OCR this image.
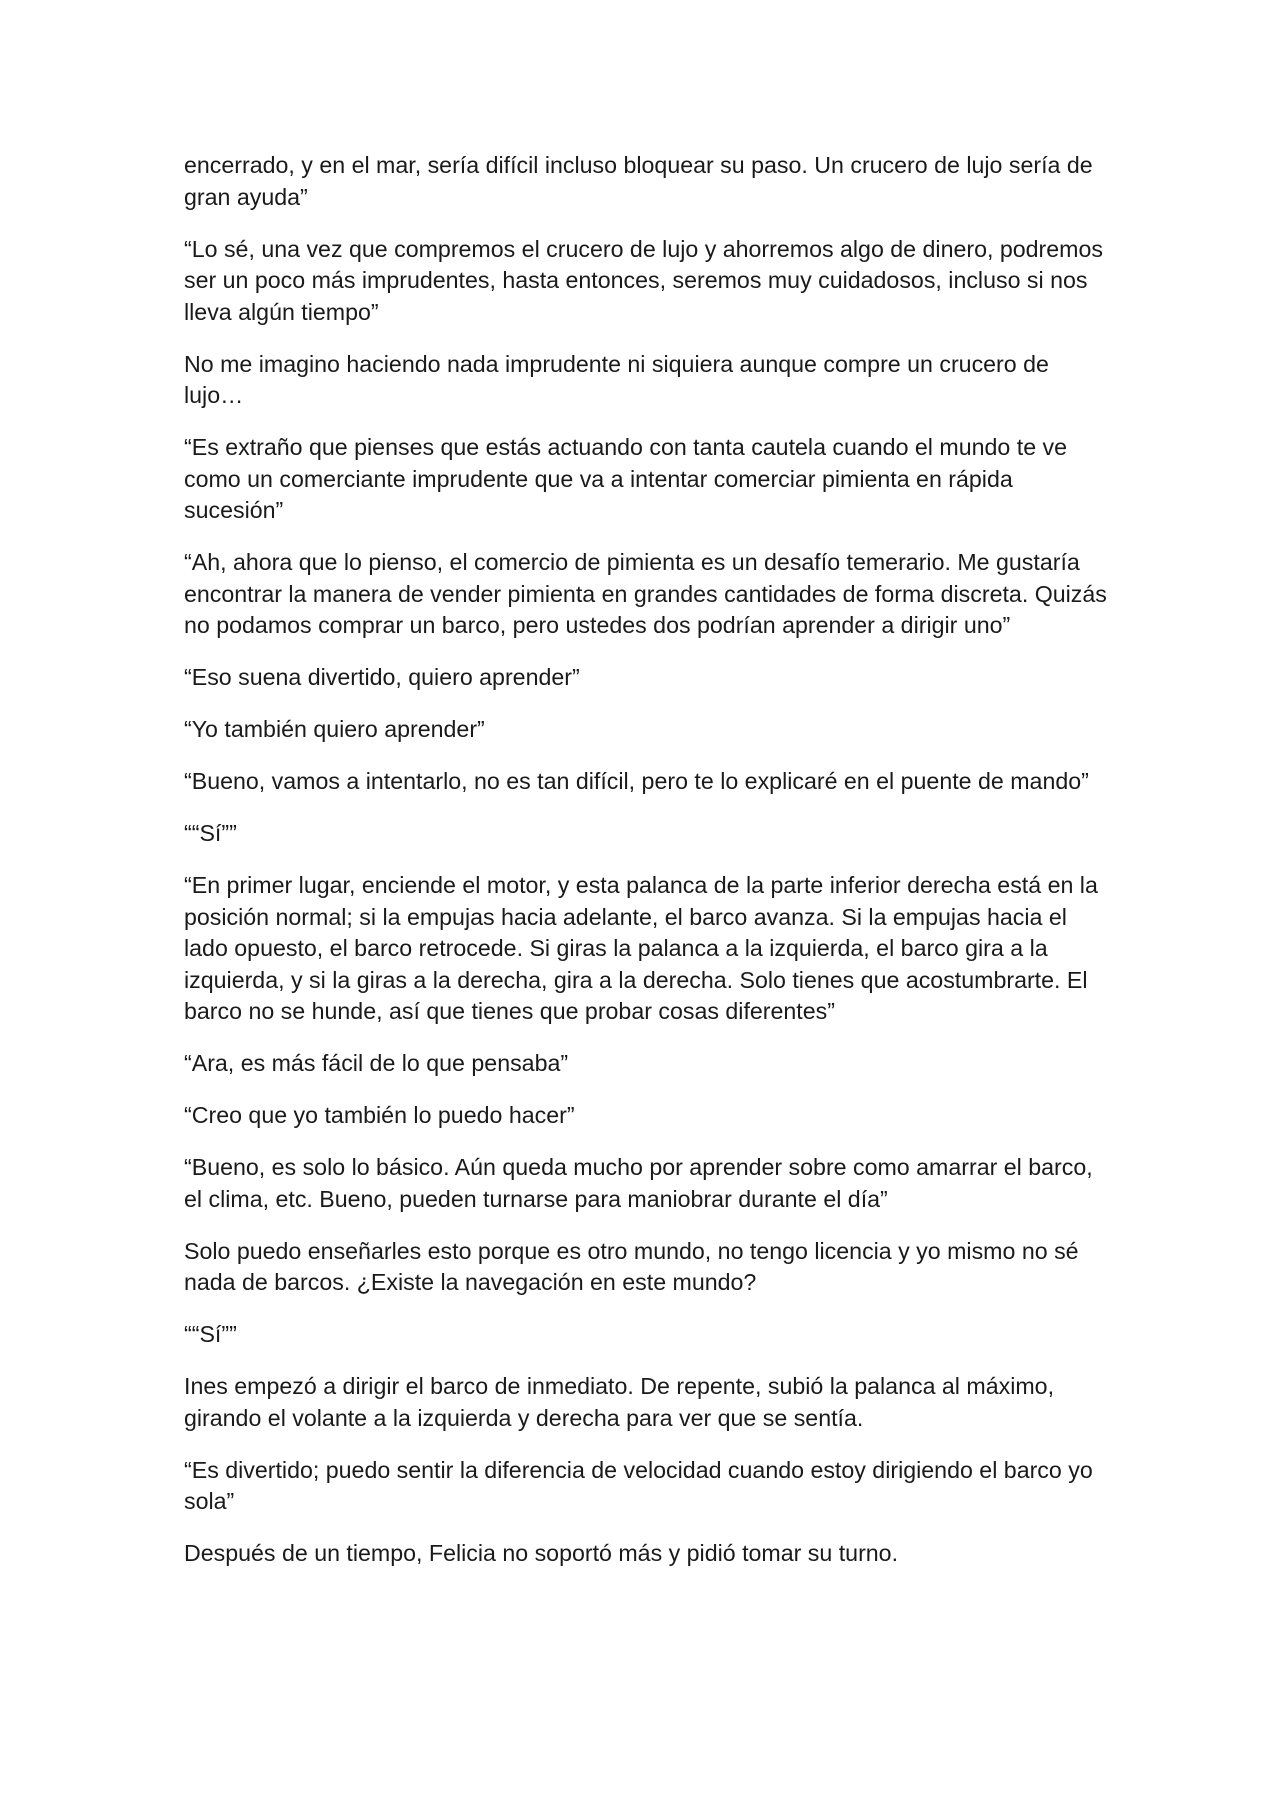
encerrado, y en el mar, sería difícil incluso bloquear su paso. Un crucero de lujo sería de gran ayuda”

“Lo sé, una vez que compremos el crucero de lujo y ahorremos algo de dinero, podremos ser un poco más imprudentes, hasta entonces, seremos muy cuidadosos, incluso si nos lleva algún tiempo”

No me imagino haciendo nada imprudente ni siquiera aunque compre un crucero de lujo…

“Es extraño que pienses que estás actuando con tanta cautela cuando el mundo te ve como un comerciante imprudente que va a intentar comerciar pimienta en rápida sucesión”

“Ah, ahora que lo pienso, el comercio de pimienta es un desafío temerario. Me gustaría encontrar la manera de vender pimienta en grandes cantidades de forma discreta. Quizás no podamos comprar un barco, pero ustedes dos podrían aprender a dirigir uno”

“Eso suena divertido, quiero aprender”

“Yo también quiero aprender”

“Bueno, vamos a intentarlo, no es tan difícil, pero te lo explicaré en el puente de mando”

““Sí””

“En primer lugar, enciende el motor, y esta palanca de la parte inferior derecha está en la posición normal; si la empujas hacia adelante, el barco avanza. Si la empujas hacia el lado opuesto, el barco retrocede. Si giras la palanca a la izquierda, el barco gira a la izquierda, y si la giras a la derecha, gira a la derecha. Solo tienes que acostumbrarte. El barco no se hunde, así que tienes que probar cosas diferentes”

“Ara, es más fácil de lo que pensaba”

“Creo que yo también lo puedo hacer”

“Bueno, es solo lo básico. Aún queda mucho por aprender sobre como amarrar el barco, el clima, etc. Bueno, pueden turnarse para maniobrar durante el día”

Solo puedo enseñarles esto porque es otro mundo, no tengo licencia y yo mismo no sé nada de barcos. ¿Existe la navegación en este mundo?

““Sí””

Ines empezó a dirigir el barco de inmediato. De repente, subió la palanca al máximo, girando el volante a la izquierda y derecha para ver que se sentía.

“Es divertido; puedo sentir la diferencia de velocidad cuando estoy dirigiendo el barco yo sola”

Después de un tiempo, Felicia no soportó más y pidió tomar su turno.
